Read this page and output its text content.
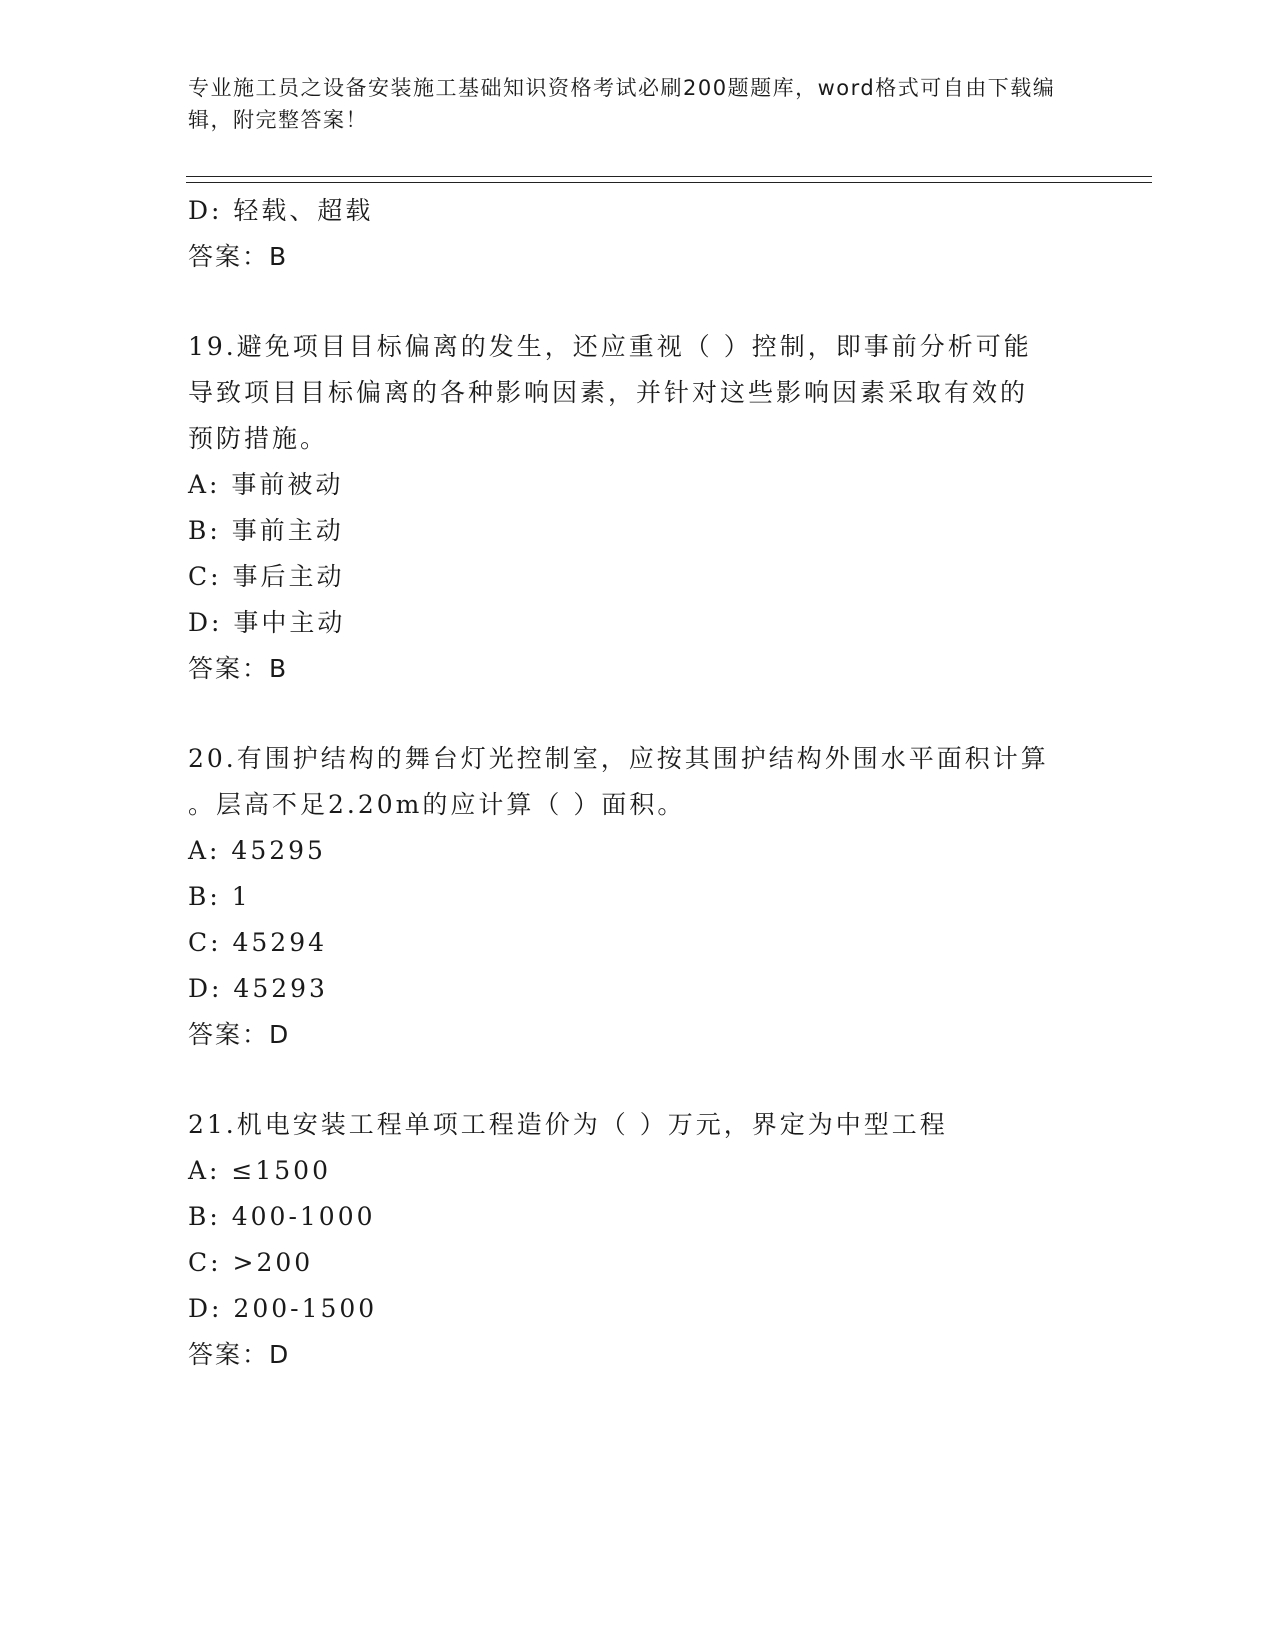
专业施工员之设备安装施工基础知识资格考试必刷200题题库，word格式可自由下载编辑，附完整答案！
D: 轻载、超载
答案：B
19.避免项目目标偏离的发生，还应重视（ ）控制，即事前分析可能
导致项目目标偏离的各种影响因素，并针对这些影响因素采取有效的
预防措施。
A: 事前被动
B: 事前主动
C: 事后主动
D: 事中主动
答案：B
20.有围护结构的舞台灯光控制室，应按其围护结构外围水平面积计算
。层高不足2.20m的应计算（ ）面积。
A: 45295
B: 1
C: 45294
D: 45293
答案：D
21.机电安装工程单项工程造价为（ ）万元，界定为中型工程
A: ≤1500
B: 400-1000
C: >200
D: 200-1500
答案：D
